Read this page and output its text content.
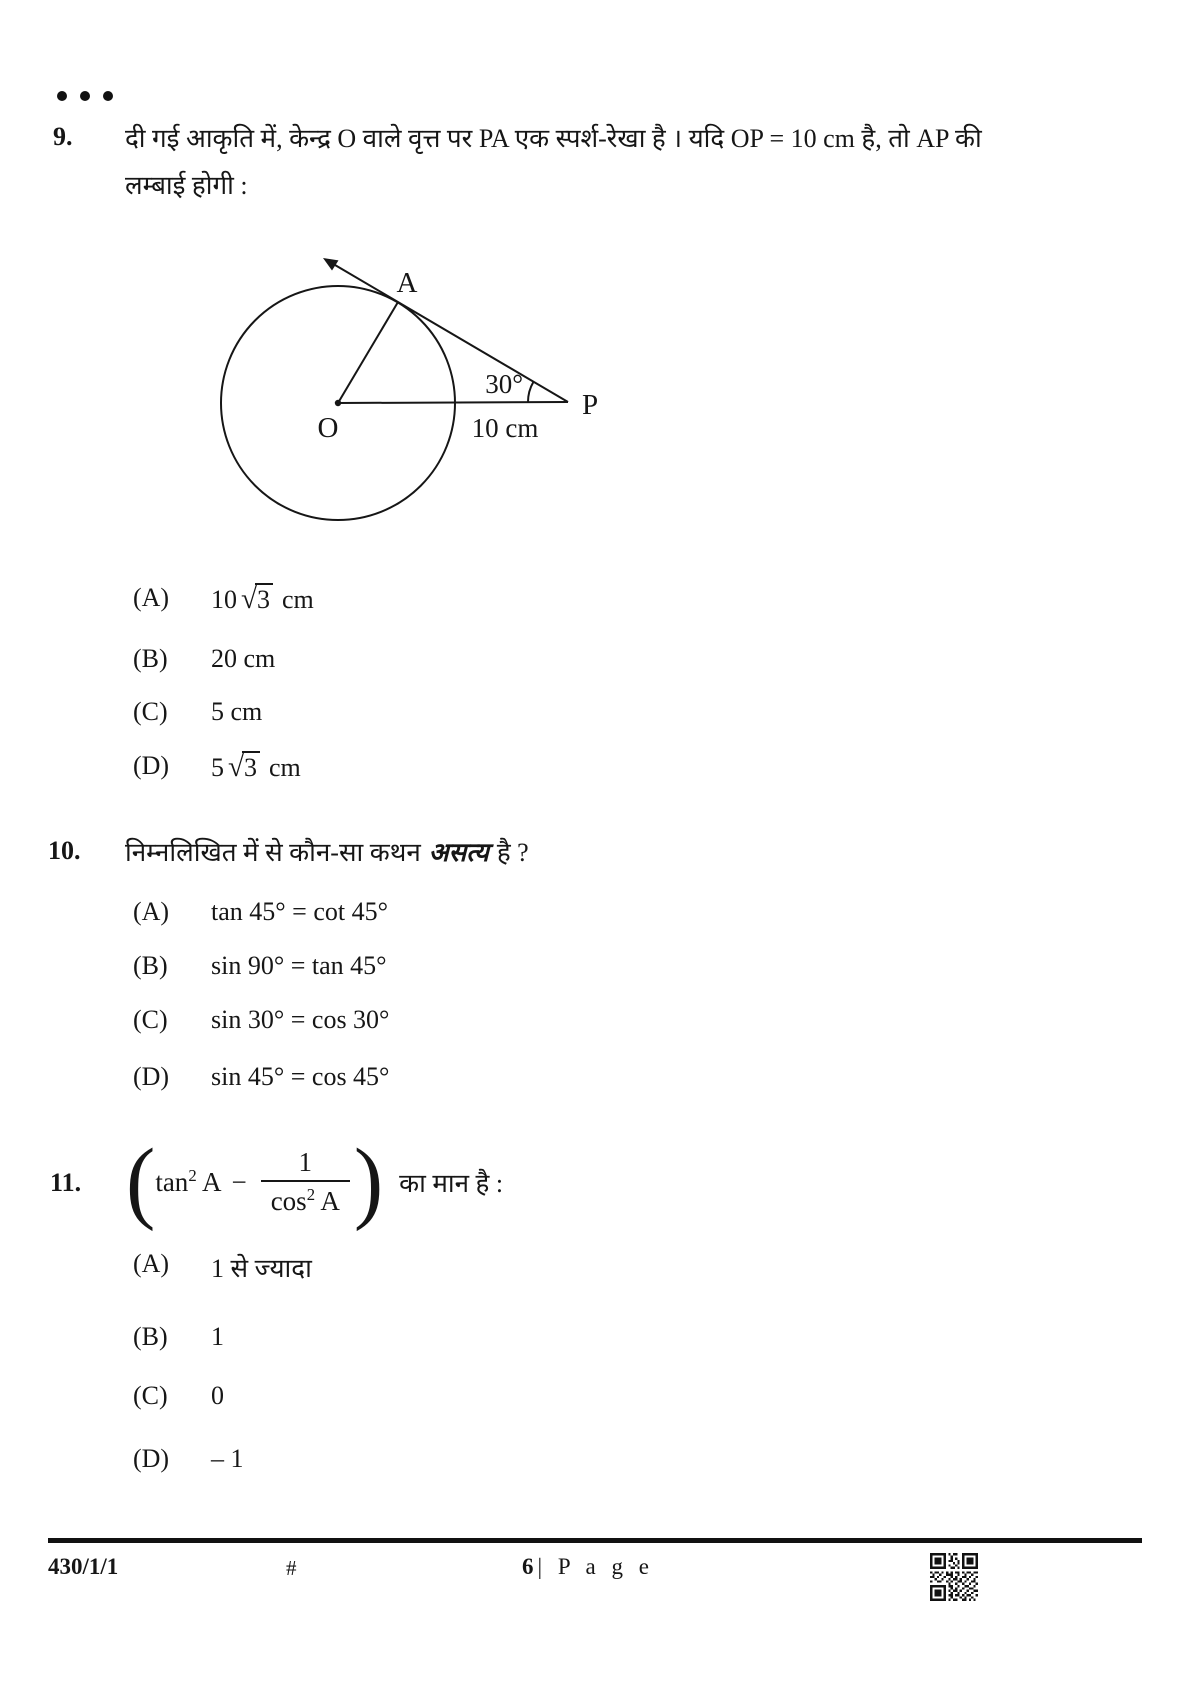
9. दी गई आकृति में, केन्द्र O वाले वृत्त पर PA एक स्पर्श-रेखा है । यदि OP = 10 cm है, तो AP की
लम्बाई होगी :
A
O
P
30°
10 cm
(A)	10 √3 cm
(B)	20 cm
(C)	5 cm
(D)	5 √3 cm
10. निम्नलिखित में से कौन-सा कथन असत्य है ?
(A)	tan 45° = cot 45°
(B)	sin 90° = tan 45°
(C)	sin 30° = cos 30°
(D)	sin 45° = cos 45°
11. ( $\tan^2 A - \frac{1}{\cos^2 A}$ ) का मान है :
(A)	1 से ज्यादा
(B)	1
(C)	0
(D)	– 1
430/1/1	#	6 | P a g e
